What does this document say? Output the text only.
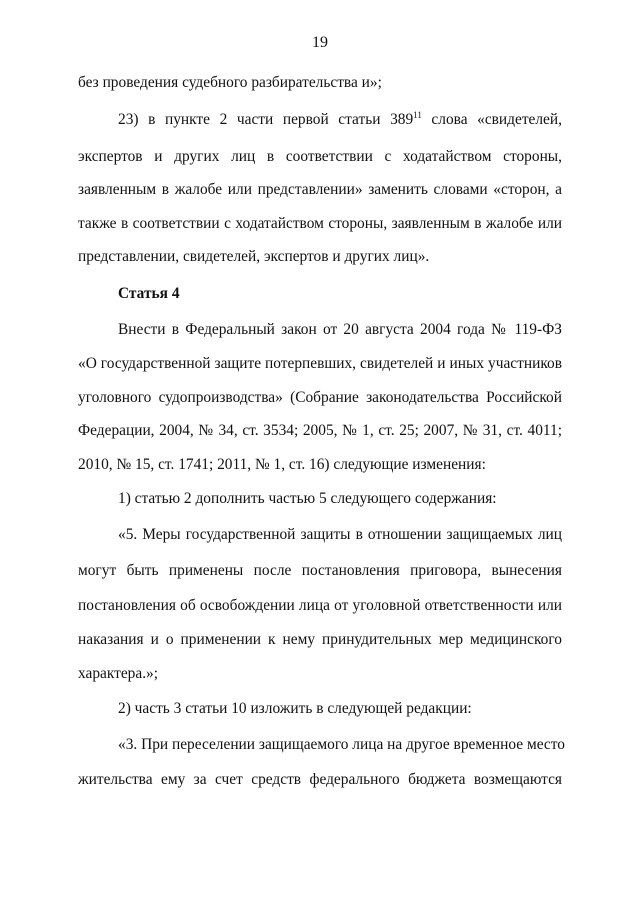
19
без проведения судебного разбирательства и»;
23) в пункте 2 части первой статьи $389^{11}$ слова «свидетелей,
экспертов и других лиц в соответствии с ходатайством стороны,
заявленным в жалобе или представлении» заменить словами «сторон, а
также в соответствии с ходатайством стороны, заявленным в жалобе или
представлении, свидетелей, экспертов и других лиц».
Статья 4
Внести в Федеральный закон от 20 августа 2004 года № 119-ФЗ
«О государственной защите потерпевших, свидетелей и иных участников
уголовного судопроизводства» (Собрание законодательства Российской
Федерации, 2004, № 34, ст. 3534; 2005, № 1, ст. 25; 2007, № 31, ст. 4011;
2010, № 15, ст. 1741; 2011, № 1, ст. 16) следующие изменения:
1) статью 2 дополнить частью 5 следующего содержания:
«5. Меры государственной защиты в отношении защищаемых лиц
могут быть применены после постановления приговора, вынесения
постановления об освобождении лица от уголовной ответственности или
наказания и о применении к нему принудительных мер медицинского
характера.»;
2) часть 3 статьи 10 изложить в следующей редакции:
«3. При переселении защищаемого лица на другое временное место
жительства ему за счет средств федерального бюджета возмещаются
